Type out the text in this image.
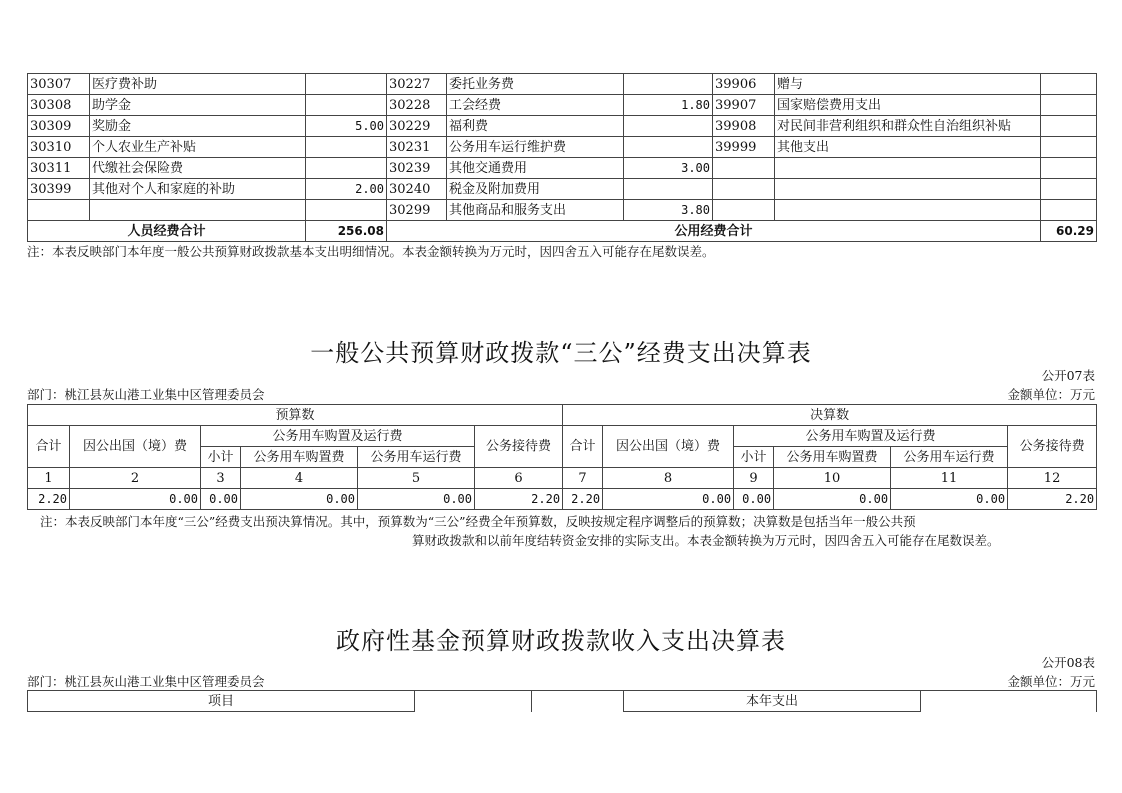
30307	医疗费补助		30227	委托业务费		39906	赠与	
30308	助学金		30228	工会经费	1.80	39907	国家赔偿费用支出	
30309	奖励金	5.00	30229	福利费		39908	对民间非营利组织和群众性自治组织补贴	
30310	个人农业生产补贴		30231	公务用车运行维护费		39999	其他支出	
30311	代缴社会保险费		30239	其他交通费用	3.00			
30399	其他对个人和家庭的补助	2.00	30240	税金及附加费用				
			30299	其他商品和服务支出	3.80			
人员经费合计		256.08	公用经费合计					60.29
注：本表反映部门本年度一般公共预算财政拨款基本支出明细情况。本表金额转换为万元时，因四舍五入可能存在尾数误差。
一般公共预算财政拨款“三公”经费支出决算表
公开07表
部门：桃江县灰山港工业集中区管理委员会	金额单位：万元
预算数						决算数					
合计	因公出国（境）费	公务用车购置及运行费			公务接待费	合计	因公出国（境）费	公务用车购置及运行费			公务接待费
		小计	公务用车购置费	公务用车运行费				小计	公务用车购置费	公务用车运行费	
1	2	3	4	5	6	7	8	9	10	11	12
2.20	0.00	0.00	0.00	0.00	2.20	2.20	0.00	0.00	0.00	0.00	2.20
注：本表反映部门本年度“三公”经费支出预决算情况。其中，预算数为“三公”经费全年预算数，反映按规定程序调整后的预算数；决算数是包括当年一般公共预
算财政拨款和以前年度结转资金安排的实际支出。本表金额转换为万元时，因四舍五入可能存在尾数误差。
政府性基金预算财政拨款收入支出决算表
公开08表
部门：桃江县灰山港工业集中区管理委员会	金额单位：万元
项目			本年支出	
